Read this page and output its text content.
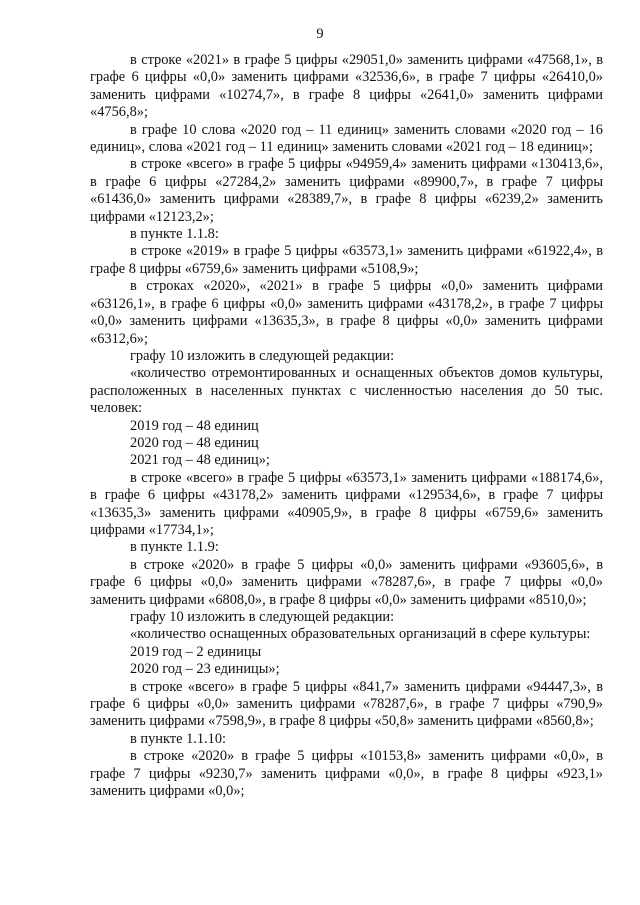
9

в строке «2021» в графе 5 цифры «29051,0» заменить цифрами «47568,1», в графе 6 цифры «0,0» заменить цифрами «32536,6», в графе 7 цифры «26410,0» заменить цифрами «10274,7», в графе 8 цифры «2641,0» заменить цифрами «4756,8»;

в графе 10 слова «2020 год – 11 единиц» заменить словами «2020 год – 16 единиц», слова «2021 год – 11 единиц» заменить словами «2021 год – 18 единиц»;

в строке «всего» в графе 5 цифры «94959,4» заменить цифрами «130413,6», в графе 6 цифры «27284,2» заменить цифрами «89900,7», в графе 7 цифры «61436,0» заменить цифрами «28389,7», в графе 8 цифры «6239,2» заменить цифрами «12123,2»;

в пункте 1.1.8:

в строке «2019» в графе 5 цифры «63573,1» заменить цифрами «61922,4», в графе 8 цифры «6759,6» заменить цифрами «5108,9»;

в строках «2020», «2021» в графе 5 цифры «0,0» заменить цифрами «63126,1», в графе 6 цифры «0,0» заменить цифрами «43178,2», в графе 7 цифры «0,0» заменить цифрами «13635,3», в графе 8 цифры «0,0» заменить цифрами «6312,6»;

графу 10 изложить в следующей редакции:

«количество отремонтированных и оснащенных объектов домов культуры, расположенных в населенных пунктах с численностью населения до 50 тыс. человек:

2019 год – 48 единиц

2020 год – 48 единиц

2021 год – 48 единиц»;

в строке «всего» в графе 5 цифры «63573,1» заменить цифрами «188174,6», в графе 6 цифры «43178,2» заменить цифрами «129534,6», в графе 7 цифры «13635,3» заменить цифрами «40905,9», в графе 8 цифры «6759,6» заменить цифрами «17734,1»;

в пункте 1.1.9:

в строке «2020» в графе 5 цифры «0,0» заменить цифрами «93605,6», в графе 6 цифры «0,0» заменить цифрами «78287,6», в графе 7 цифры «0,0» заменить цифрами «6808,0», в графе 8 цифры «0,0» заменить цифрами «8510,0»;

графу 10 изложить в следующей редакции:

«количество оснащенных образовательных организаций в сфере культуры:

2019 год – 2 единицы

2020 год – 23 единицы»;

в строке «всего» в графе 5 цифры «841,7» заменить цифрами «94447,3», в графе 6 цифры «0,0» заменить цифрами «78287,6», в графе 7 цифры «790,9» заменить цифрами «7598,9», в графе 8 цифры «50,8» заменить цифрами «8560,8»;

в пункте 1.1.10:

в строке «2020» в графе 5 цифры «10153,8» заменить цифрами «0,0», в графе 7 цифры «9230,7» заменить цифрами «0,0», в графе 8 цифры «923,1» заменить цифрами «0,0»;
